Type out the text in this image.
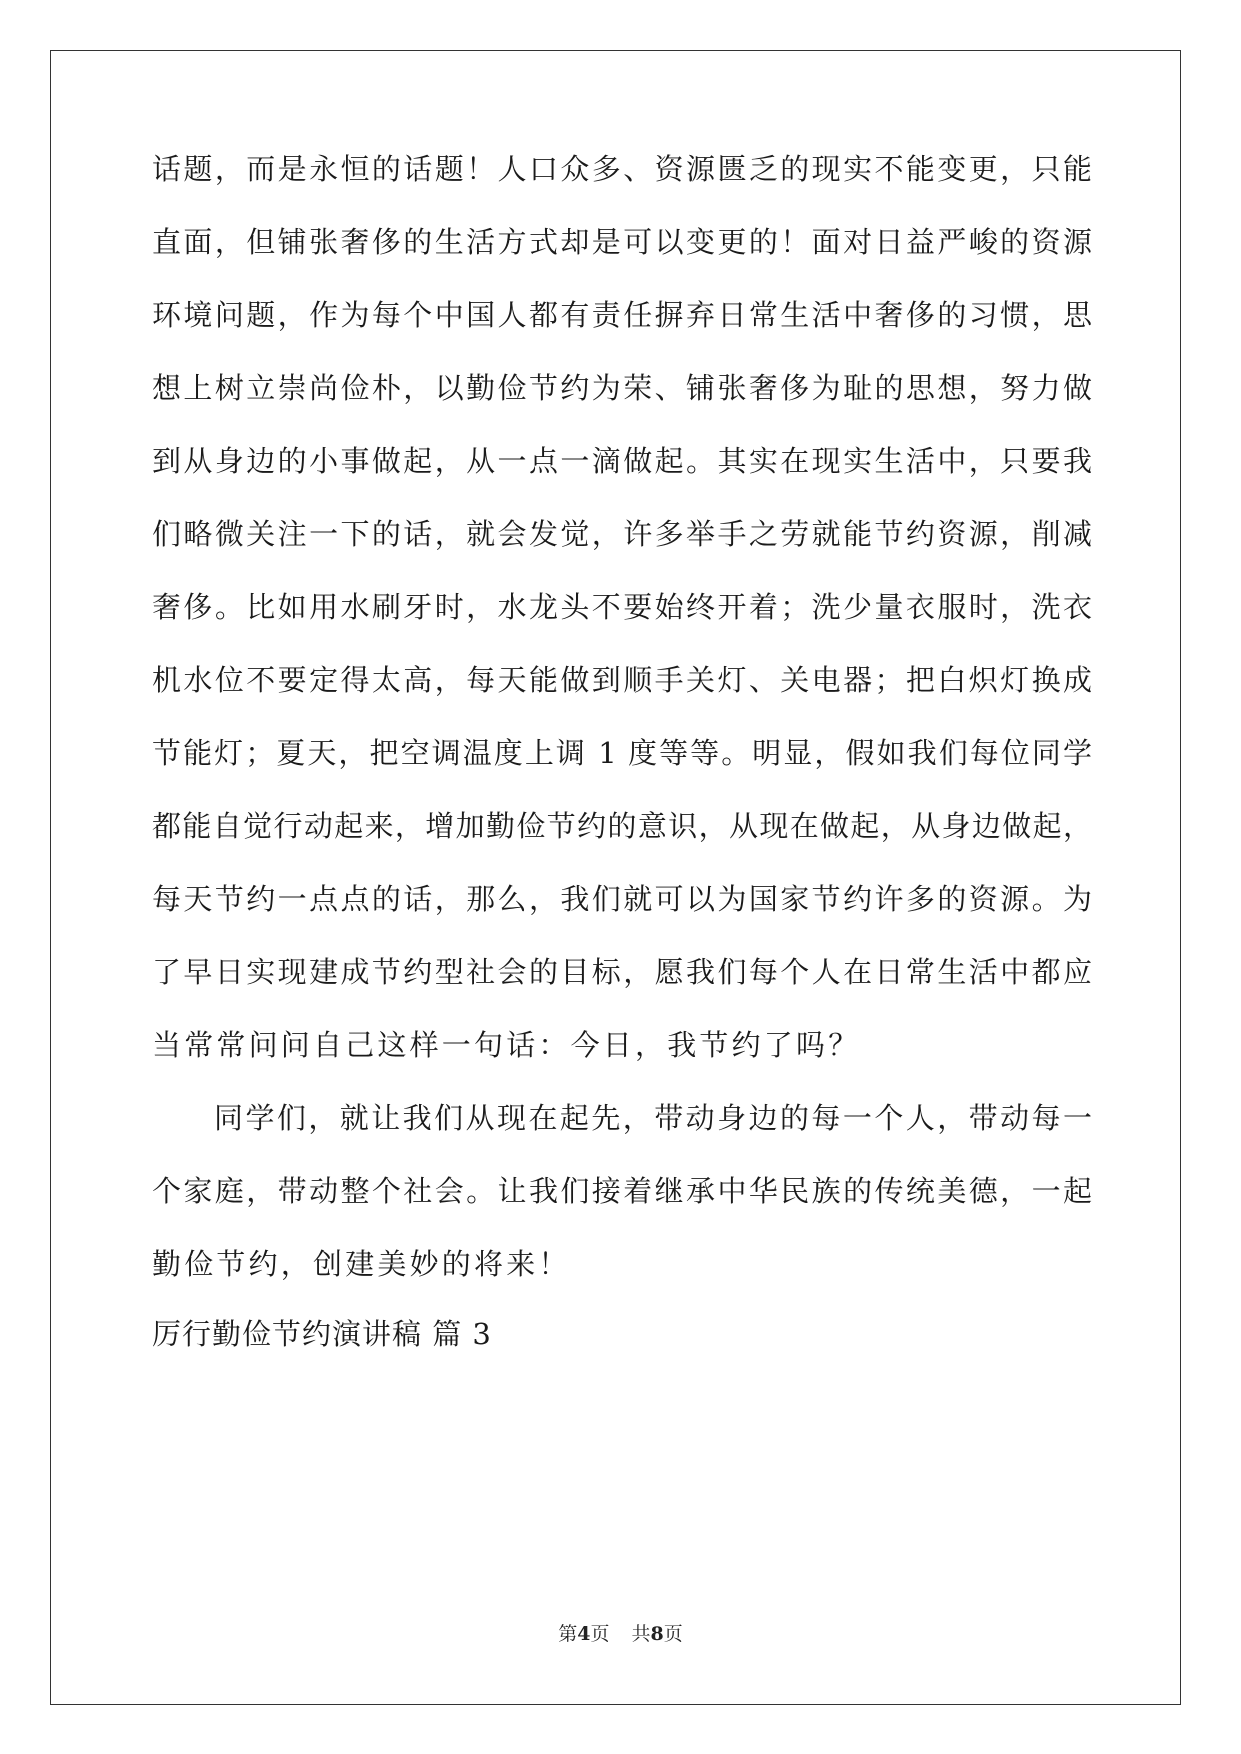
话题，而是永恒的话题！人口众多、资源匮乏的现实不能变更，只能
直面，但铺张奢侈的生活方式却是可以变更的！面对日益严峻的资源
环境问题，作为每个中国人都有责任摒弃日常生活中奢侈的习惯，思
想上树立崇尚俭朴，以勤俭节约为荣、铺张奢侈为耻的思想，努力做
到从身边的小事做起，从一点一滴做起。其实在现实生活中，只要我
们略微关注一下的话，就会发觉，许多举手之劳就能节约资源，削减
奢侈。比如用水刷牙时，水龙头不要始终开着；洗少量衣服时，洗衣
机水位不要定得太高，每天能做到顺手关灯、关电器；把白炽灯换成
节能灯；夏天，把空调温度上调 1 度等等。明显，假如我们每位同学
都能自觉行动起来，增加勤俭节约的意识，从现在做起，从身边做起，
每天节约一点点的话，那么，我们就可以为国家节约许多的资源。为
了早日实现建成节约型社会的目标，愿我们每个人在日常生活中都应
当常常问问自己这样一句话：今日，我节约了吗？
同学们，就让我们从现在起先，带动身边的每一个人，带动每一
个家庭，带动整个社会。让我们接着继承中华民族的传统美德，一起
勤俭节约，创建美妙的将来！
厉行勤俭节约演讲稿 篇 3
第4页 共8页
